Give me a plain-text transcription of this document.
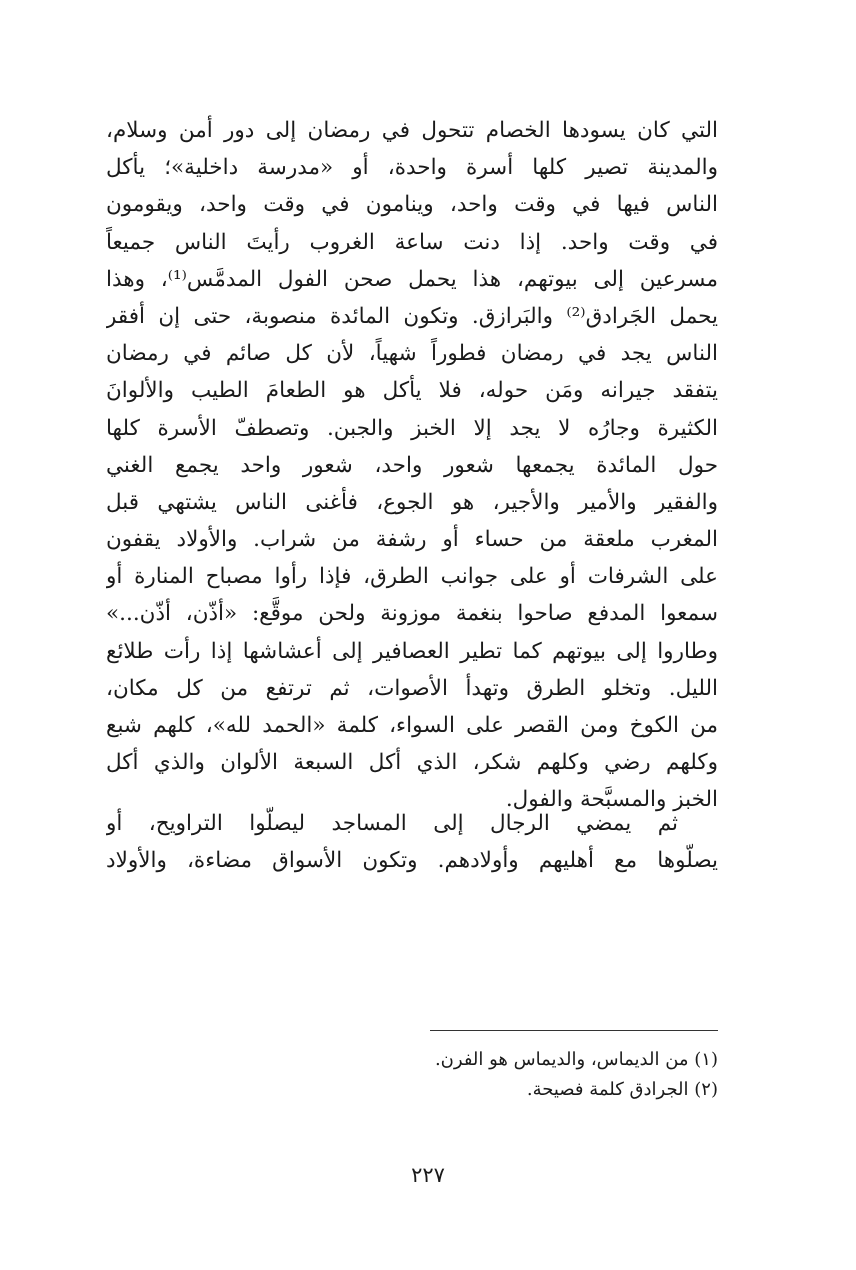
التي كان يسودها الخصام تتحول في رمضان إلى دور أمن وسلام،
والمدينة تصير كلها أسرة واحدة، أو «مدرسة داخلية»؛ يأكل
الناس فيها في وقت واحد، وينامون في وقت واحد، ويقومون
في وقت واحد. إذا دنت ساعة الغروب رأيتَ الناس جميعاً
مسرعين إلى بيوتهم، هذا يحمل صحن الفول المدمَّس⁽¹⁾، وهذا
يحمل الجَرادق⁽²⁾ والبَرازق. وتكون المائدة منصوبة، حتى إن أفقر
الناس يجد في رمضان فطوراً شهياً، لأن كل صائم في رمضان
يتفقد جيرانه ومَن حوله، فلا يأكل هو الطعامَ الطيب والألوانَ
الكثيرة وجارُه لا يجد إلا الخبز والجبن. وتصطفّ الأسرة كلها
حول المائدة يجمعها شعور واحد، شعور واحد يجمع الغني
والفقير والأمير والأجير، هو الجوع، فأغنى الناس يشتهي قبل
المغرب ملعقة من حساء أو رشفة من شراب. والأولاد يقفون
على الشرفات أو على جوانب الطرق، فإذا رأوا مصباح المنارة أو
سمعوا المدفع صاحوا بنغمة موزونة ولحن موقَّع: «أذّن، أذّن...»
وطاروا إلى بيوتهم كما تطير العصافير إلى أعشاشها إذا رأت طلائع
الليل. وتخلو الطرق وتهدأ الأصوات، ثم ترتفع من كل مكان،
من الكوخ ومن القصر على السواء، كلمة «الحمد لله»، كلهم شبع
وكلهم رضي وكلهم شكر، الذي أكل السبعة الألوان والذي أكل
الخبز والمسبَّحة والفول.
ثم يمضي الرجال إلى المساجد ليصلّوا التراويح، أو
يصلّوها مع أهليهم وأولادهم. وتكون الأسواق مضاءة، والأولاد
(١) من الديماس، والديماس هو الفرن.
(٢) الجرادق كلمة فصيحة.
٢٢٧
